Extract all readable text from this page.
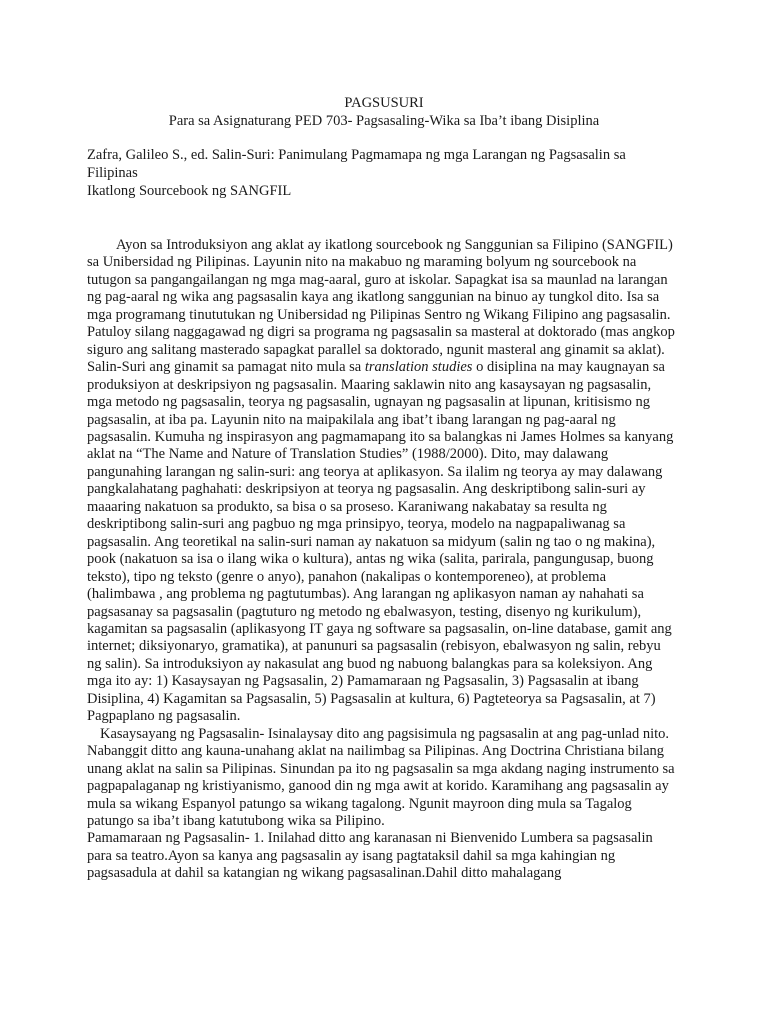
PAGSUSURI
Para sa Asignaturang PED 703- Pagsasaling-Wika sa Iba’t ibang Disiplina
Zafra, Galileo S., ed. Salin-Suri: Panimulang Pagmamapa ng mga Larangan ng Pagsasalin sa Filipinas
Ikatlong Sourcebook ng SANGFIL

Ayon sa Introduksiyon ang aklat ay ikatlong sourcebook ng Sanggunian sa Filipino (SANGFIL) sa Unibersidad ng Pilipinas. Layunin nito na makabuo ng maraming bolyum ng sourcebook na tutugon sa pangangailangan ng mga mag-aaral, guro at iskolar. Sapagkat isa sa maunlad na larangan ng pag-aaral ng wika ang pagsasalin kaya ang ikatlong sanggunian na binuo ay tungkol dito. Isa sa mga programang tinututukan ng Unibersidad ng Pilipinas Sentro ng Wikang Filipino ang pagsasalin. Patuloy silang naggagawad ng digri sa programa ng pagsasalin sa masteral at doktorado (mas angkop siguro ang salitang masterado sapagkat parallel sa doktorado, ngunit masteral ang ginamit sa aklat). Salin-Suri ang ginamit sa pamagat nito mula sa translation studies o disiplina na may kaugnayan sa produksiyon at deskripsiyon ng pagsasalin. Maaring saklawin nito ang kasaysayan ng pagsasalin, mga metodo ng pagsasalin, teorya ng pagsasalin, ugnayan ng pagsasalin at lipunan, kritisismo ng pagsasalin, at iba pa. Layunin nito na maipakilala ang ibat’t ibang larangan ng pag-aaral ng pagsasalin. Kumuha ng inspirasyon ang pagmamapang ito sa balangkas ni James Holmes sa kanyang aklat na “The Name and Nature of Translation Studies” (1988/2000). Dito, may dalawang pangunahing larangan ng salin-suri: ang teorya at aplikasyon. Sa ilalim ng teorya ay may dalawang pangkalahatang paghahati: deskripsiyon at teorya ng pagsasalin. Ang deskriptibong salin-suri ay maaaring nakatuon sa produkto, sa bisa o sa proseso. Karaniwang nakabatay sa resulta ng deskriptibong salin-suri ang pagbuo ng mga prinsipyo, teorya, modelo na nagpapaliwanag sa pagsasalin. Ang teoretikal na salin-suri naman ay nakatuon sa midyum (salin ng tao o ng makina), pook (nakatuon sa isa o ilang wika o kultura), antas ng wika (salita, parirala, pangungusap, buong teksto), tipo ng teksto (genre o anyo), panahon (nakalipas o kontemporeneo), at problema (halimbawa , ang problema ng pagtutumbas). Ang larangan ng aplikasyon naman ay nahahati sa pagsasanay sa pagsasalin (pagtuturo ng metodo ng ebalwasyon, testing, disenyo ng kurikulum), kagamitan sa pagsasalin (aplikasyong IT gaya ng software sa pagsasalin, on-line database, gamit ang internet; diksiyonaryo, gramatika), at panunuri sa pagsasalin (rebisyon, ebalwasyon ng salin, rebyu ng salin). Sa introduksiyon ay nakasulat ang buod ng nabuong balangkas para sa koleksiyon. Ang mga ito ay: 1) Kasaysayan ng Pagsasalin, 2) Pamamaraan ng Pagsasalin, 3) Pagsasalin at ibang Disiplina, 4) Kagamitan sa Pagsasalin, 5) Pagsasalin at kultura, 6) Pagteteorya sa Pagsasalin, at 7) Pagpaplano ng pagsasalin.

Kasaysayang ng Pagsasalin- Isinalaysay dito ang pagsisimula ng pagsasalin at ang pag-unlad nito. Nabanggit ditto ang kauna-unahang aklat na nailimbag sa Pilipinas. Ang Doctrina Christiana bilang unang aklat na salin sa Pilipinas. Sinundan pa ito ng pagsasalin sa mga akdang naging instrumento sa pagpapalaganap ng kristiyanismo, ganood din ng mga awit at korido. Karamihang ang pagsasalin ay mula sa wikang Espanyol patungo sa wikang tagalong. Ngunit mayroon ding mula sa Tagalog patungo sa iba’t ibang katutubong wika sa Pilipino.

Pamamaraan ng Pagsasalin- 1. Inilahad ditto ang karanasan ni Bienvenido Lumbera sa pagsasalin para sa teatro.Ayon sa kanya ang pagsasalin ay isang pagtataksil dahil sa mga kahingian ng pagsasadula at dahil sa katangian ng wikang pagsasalinan.Dahil ditto mahalagang
